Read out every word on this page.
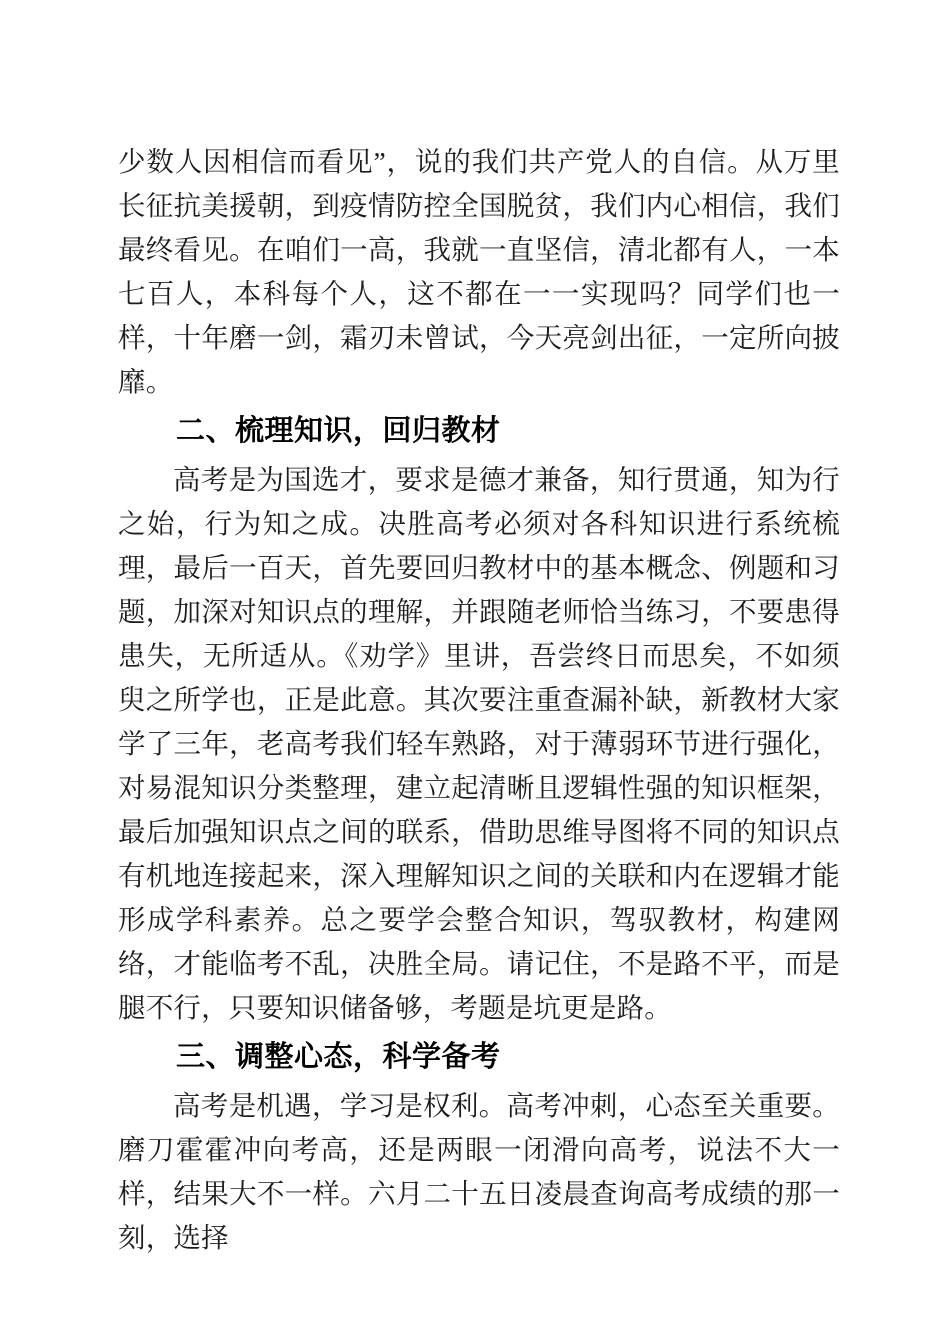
少数人因相信而看见”，说的我们共产党人的自信。从万里长征抗美援朝，到疫情防控全国脱贫，我们内心相信，我们最终看见。在咱们一高，我就一直坚信，清北都有人，一本七百人，本科每个人，这不都在一一实现吗？同学们也一样，十年磨一剑，霜刃未曾试，今天亮剑出征，一定所向披靡。

二、梳理知识，回归教材

高考是为国选才，要求是德才兼备，知行贯通，知为行之始，行为知之成。决胜高考必须对各科知识进行系统梳理，最后一百天，首先要回归教材中的基本概念、例题和习题，加深对知识点的理解，并跟随老师恰当练习，不要患得患失，无所适从。《劝学》里讲，吾尝终日而思矣，不如须臾之所学也，正是此意。其次要注重查漏补缺，新教材大家学了三年，老高考我们轻车熟路，对于薄弱环节进行强化，对易混知识分类整理，建立起清晰且逻辑性强的知识框架，最后加强知识点之间的联系，借助思维导图将不同的知识点有机地连接起来，深入理解知识之间的关联和内在逻辑才能形成学科素养。总之要学会整合知识，驾驭教材，构建网络，才能临考不乱，决胜全局。请记住，不是路不平，而是腿不行，只要知识储备够，考题是坑更是路。

三、调整心态，科学备考

高考是机遇，学习是权利。高考冲刺，心态至关重要。磨刀霍霍冲向考高，还是两眼一闭滑向高考，说法不大一样，结果大不一样。六月二十五日凌晨查询高考成绩的那一刻，选择
